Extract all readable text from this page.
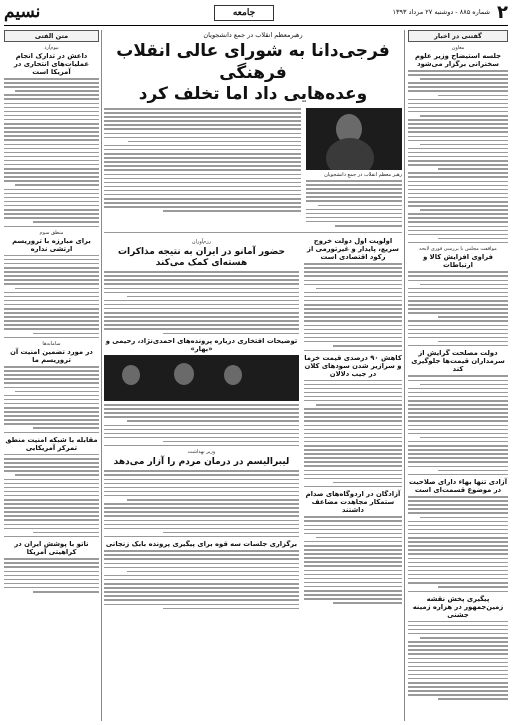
۲
شماره ۸۸۵ - دوشنبه ۲۷ مرداد ۱۳۹۳
جامعه
نسیم
گفتنی در اخبار
معاون
جلسه استیضاح وزیر علوم سخنرانی برگزار می‌شود
مواقفت مجلس با بررسی فوری لایحه
فراوی افزایش کالا و ارتباطات
دولت مصلحت گرایش از سرمداران قیمت‌ها جلوگیری کند
آزادی تنها بهاء دارای صلاحیت در موضوع قسمت‌ای است
پیگیری پخش نقشه زمین‌جمهور در هزاره زمینه جشنی
متن الفتی
نیوم‌آرد
داعش در تدارک انجام عملیات‌های انتحاری در آمریکا است
منطق سوم
برای مبارزه با تروریسم ارتشی نداره
سامانه‌ها
در مورد تضمین امنیت آن تروریسم ما
مقابله با شبکه امنیت منطق تمرکز آمریکایی
ناتو با پوشش ایران در کراهیتی آمریکا
رهبرمعظم انقلاب در جمع دانشجویان
فرجی‌دانا به شورای عالی انقلاب فرهنگی
وعده‌هایی داد اما تخلف کرد
رهبر معظم انقلاب در جمع دانشجویان
اولویت اول دولت خروج سریع، پایدار و غیرتورمی از رکود اقتصادی است
کاهش ۹۰ درصدی قیمت خرما و سرازیر شدن سودهای کلان در جیب دلالان
آزادگان در اردوگاه‌های صدام ستمکار مجاهدت مضاعف داشتند
رزم‌آوران
حضور آمانو در ایران به نتیجه مذاکرات هسته‌ای کمک می‌کند
توضیحات افتخاری درباره پرونده‌های احمدی‌نژاد، رحیمی و «بهار»
وزیر بهداشت
لیبرالیسم در درمان مردم را آزار می‌دهد
برگزاری جلسات سه قوه برای پیگیری پرونده بابک زنجانی
